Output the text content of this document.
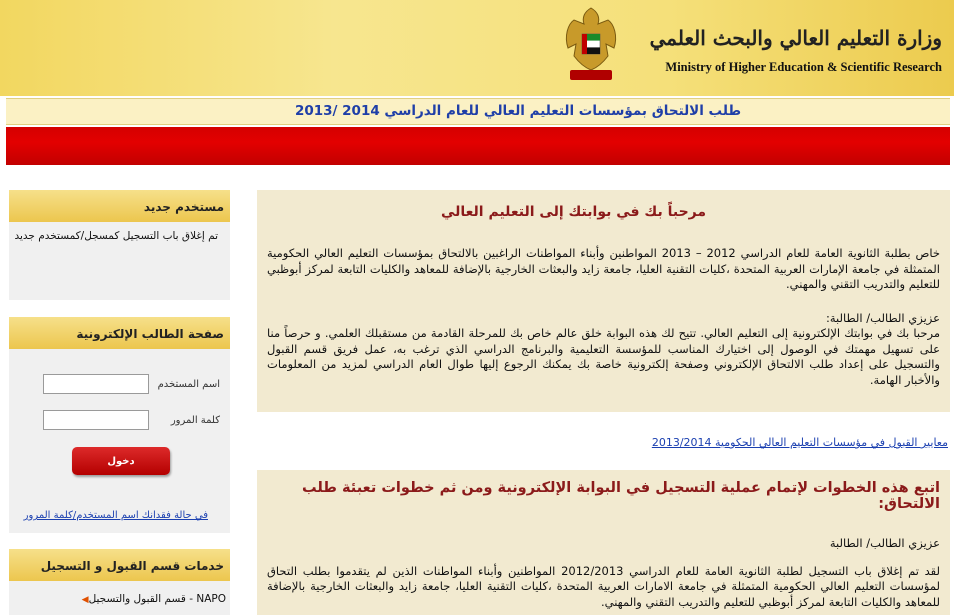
وزارة التعليم العالي والبحث العلمي
Ministry of Higher Education & Scientific Research
طلب الالتحاق بمؤسسات التعليم العالي للعام الدراسي 2014 /2013
مستخدم جديد
تم إغلاق باب التسجيل كمسجل/كمستخدم جديد
صفحة الطالب الإلكترونية
اسم المستخدم
كلمة المرور
دخول
في حالة فقدانك اسم المستخدم/كلمة المرور
خدمات قسم القبول و التسجيل
NAPO - قسم القبول والتسجيل◀
مرحباً بك في بوابتك إلى التعليم العالي
خاص بطلبة الثانوية العامة للعام الدراسي 2012 – 2013 المواطنين وأبناء المواطنات الراغبين بالالتحاق بمؤسسات التعليم العالي الحكومية المتمثلة في جامعة الإمارات العربية المتحدة ،كليات التقنية العليا، جامعة زايد والبعثات الخارجية بالإضافة للمعاهد والكليات التابعة لمركز أبوظبي للتعليم والتدريب التقني والمهني.
عزيزي الطالب/ الطالبة:
مرحبا بك في بوابتك الإلكترونية إلى التعليم العالي. تتيح لك هذه البوابة خلق عالم خاص بك للمرحلة القادمة من مستقبلك العلمي. و حرصاً منا على تسهيل مهمتك في الوصول إلى اختيارك المناسب للمؤسسة التعليمية والبرنامج الدراسي الذي ترغب به، عمل فريق قسم القبول والتسجيل على إعداد طلب الالتحاق الإلكتروني وصفحة إلكترونية خاصة بك يمكنك الرجوع إليها طوال العام الدراسي لمزيد من المعلومات والأخبار الهامة.
معايير القبول في مؤسسات التعليم العالي الحكومية 2013/2014
اتبع هذه الخطوات لإتمام عملية التسجيل في البوابة الإلكترونية ومن ثم خطوات تعبئة طلب الالتحاق:
عزيزي الطالب/ الطالبة
لقد تم إغلاق باب التسجيل لطلبة الثانوية العامة للعام الدراسي 2012/2013 المواطنين وأبناء المواطنات الذين لم يتقدموا بطلب التحاق لمؤسسات التعليم العالي الحكومية المتمثلة في جامعة الامارات العربية المتحدة ،كليات التقنية العليا، جامعة زايد والبعثات الخارجية بالإضافة للمعاهد والكليات التابعة لمركز أبوظبي للتعليم والتدريب التقني والمهني.
